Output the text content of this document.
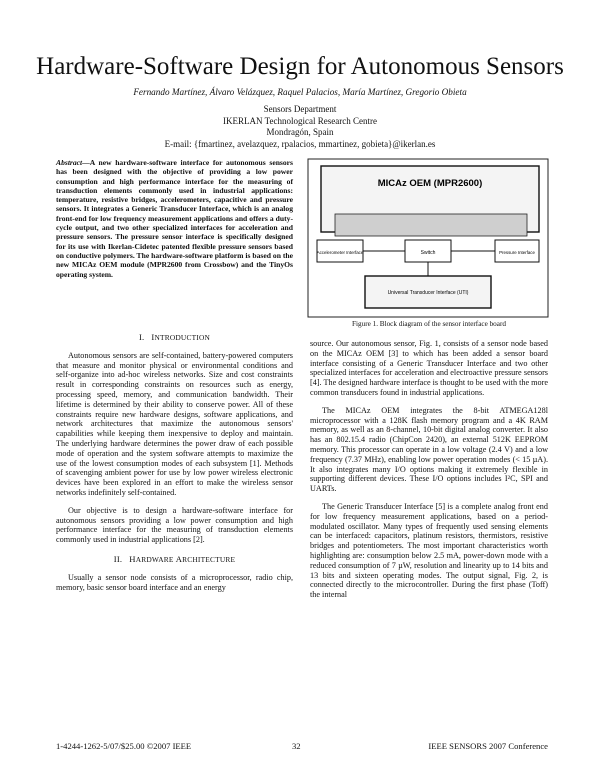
Hardware-Software Design for Autonomous Sensors
Fernando Martínez, Álvaro Velázquez, Raquel Palacios, María Martínez, Gregorio Obieta
Sensors Department
IKERLAN Technological Research Centre
Mondragón, Spain
E-mail: {fmartinez, avelazquez, rpalacios, mmartinez, gobieta}@ikerlan.es
Abstract—A new hardware-software interface for autonomous sensors has been designed with the objective of providing a low power consumption and high performance interface for the measuring of transduction elements commonly used in industrial applications: temperature, resistive bridges, accelerometers, capacitive and pressure sensors. It integrates a Generic Transducer Interface, which is an analog front-end for low frequency measurement applications and offers a duty-cycle output, and two other specialized interfaces for acceleration and pressure sensors. The pressure sensor interface is specifically designed for its use with Ikerlan-Cidetec patented flexible pressure sensors based on conductive polymers. The hardware-software platform is based on the new MICAz OEM module (MPR2600 from Crossbow) and the TinyOs operating system.
I. INTRODUCTION

Autonomous sensors are self-contained, battery-powered computers that measure and monitor physical or environmental conditions and self-organize into ad-hoc wireless networks. Size and cost constraints result in corresponding constraints on resources such as energy, processing speed, memory, and communication bandwidth. Their lifetime is determined by their ability to conserve power. All of these constraints require new hardware designs, software applications, and network architectures that maximize the autonomous sensors' capabilities while keeping them inexpensive to deploy and maintain. The underlying hardware determines the power draw of each possible mode of operation and the system software attempts to maximize the use of the lowest consumption modes of each subsystem [1]. Methods of scavenging ambient power for use by low power wireless electronic devices have been explored in an effort to make the wireless sensor networks indefinitely self-contained.

Our objective is to design a hardware-software interface for autonomous sensors providing a low power consumption and high performance interface for the measuring of transduction elements commonly used in industrial applications [2].

II. HARDWARE ARCHITECTURE

Usually a sensor node consists of a microprocessor, radio chip, memory, basic sensor board interface and an energy

MICAz OEM (MPR2600)
Accelerometer Interface	Switch	Pressure Interface
Universal Transducer Interface (UTI)
Figure 1. Block diagram of the sensor interface board

source. Our autonomous sensor, Fig. 1, consists of a sensor node based on the MICAz OEM [3] to which has been added a sensor board interface consisting of a Generic Transducer Interface and two other specialized interfaces for acceleration and electroactive pressure sensors [4]. The designed hardware interface is thought to be used with the more common transducers found in industrial applications.

The MICAz OEM integrates the 8-bit ATMEGA128l microprocessor with a 128K flash memory program and a 4K RAM memory, as well as an 8-channel, 10-bit digital analog converter. It also has an 802.15.4 radio (ChipCon 2420), an external 512K EEPROM memory. This processor can operate in a low voltage (2.4 V) and a low frequency (7.37 MHz), enabling low power operation modes (< 15 µA). It also integrates many I/O options making it extremely flexible in supporting different devices. These I/O options includes I²C, SPI and UARTs.

The Generic Transducer Interface [5] is a complete analog front end for low frequency measurement applications, based on a period-modulated oscillator. Many types of frequently used sensing elements can be interfaced: capacitors, platinum resistors, thermistors, resistive bridges and potentiometers. The most important characteristics worth highlighting are: consumption below 2.5 mA, power-down mode with a reduced consumption of 7 µW, resolution and linearity up to 14 bits and 13 bits and sixteen operating modes. The output signal, Fig. 2, is connected directly to the microcontroller. During the first phase (Toff) the internal

1-4244-1262-5/07/$25.00 ©2007 IEEE	32	IEEE SENSORS 2007 Conference
